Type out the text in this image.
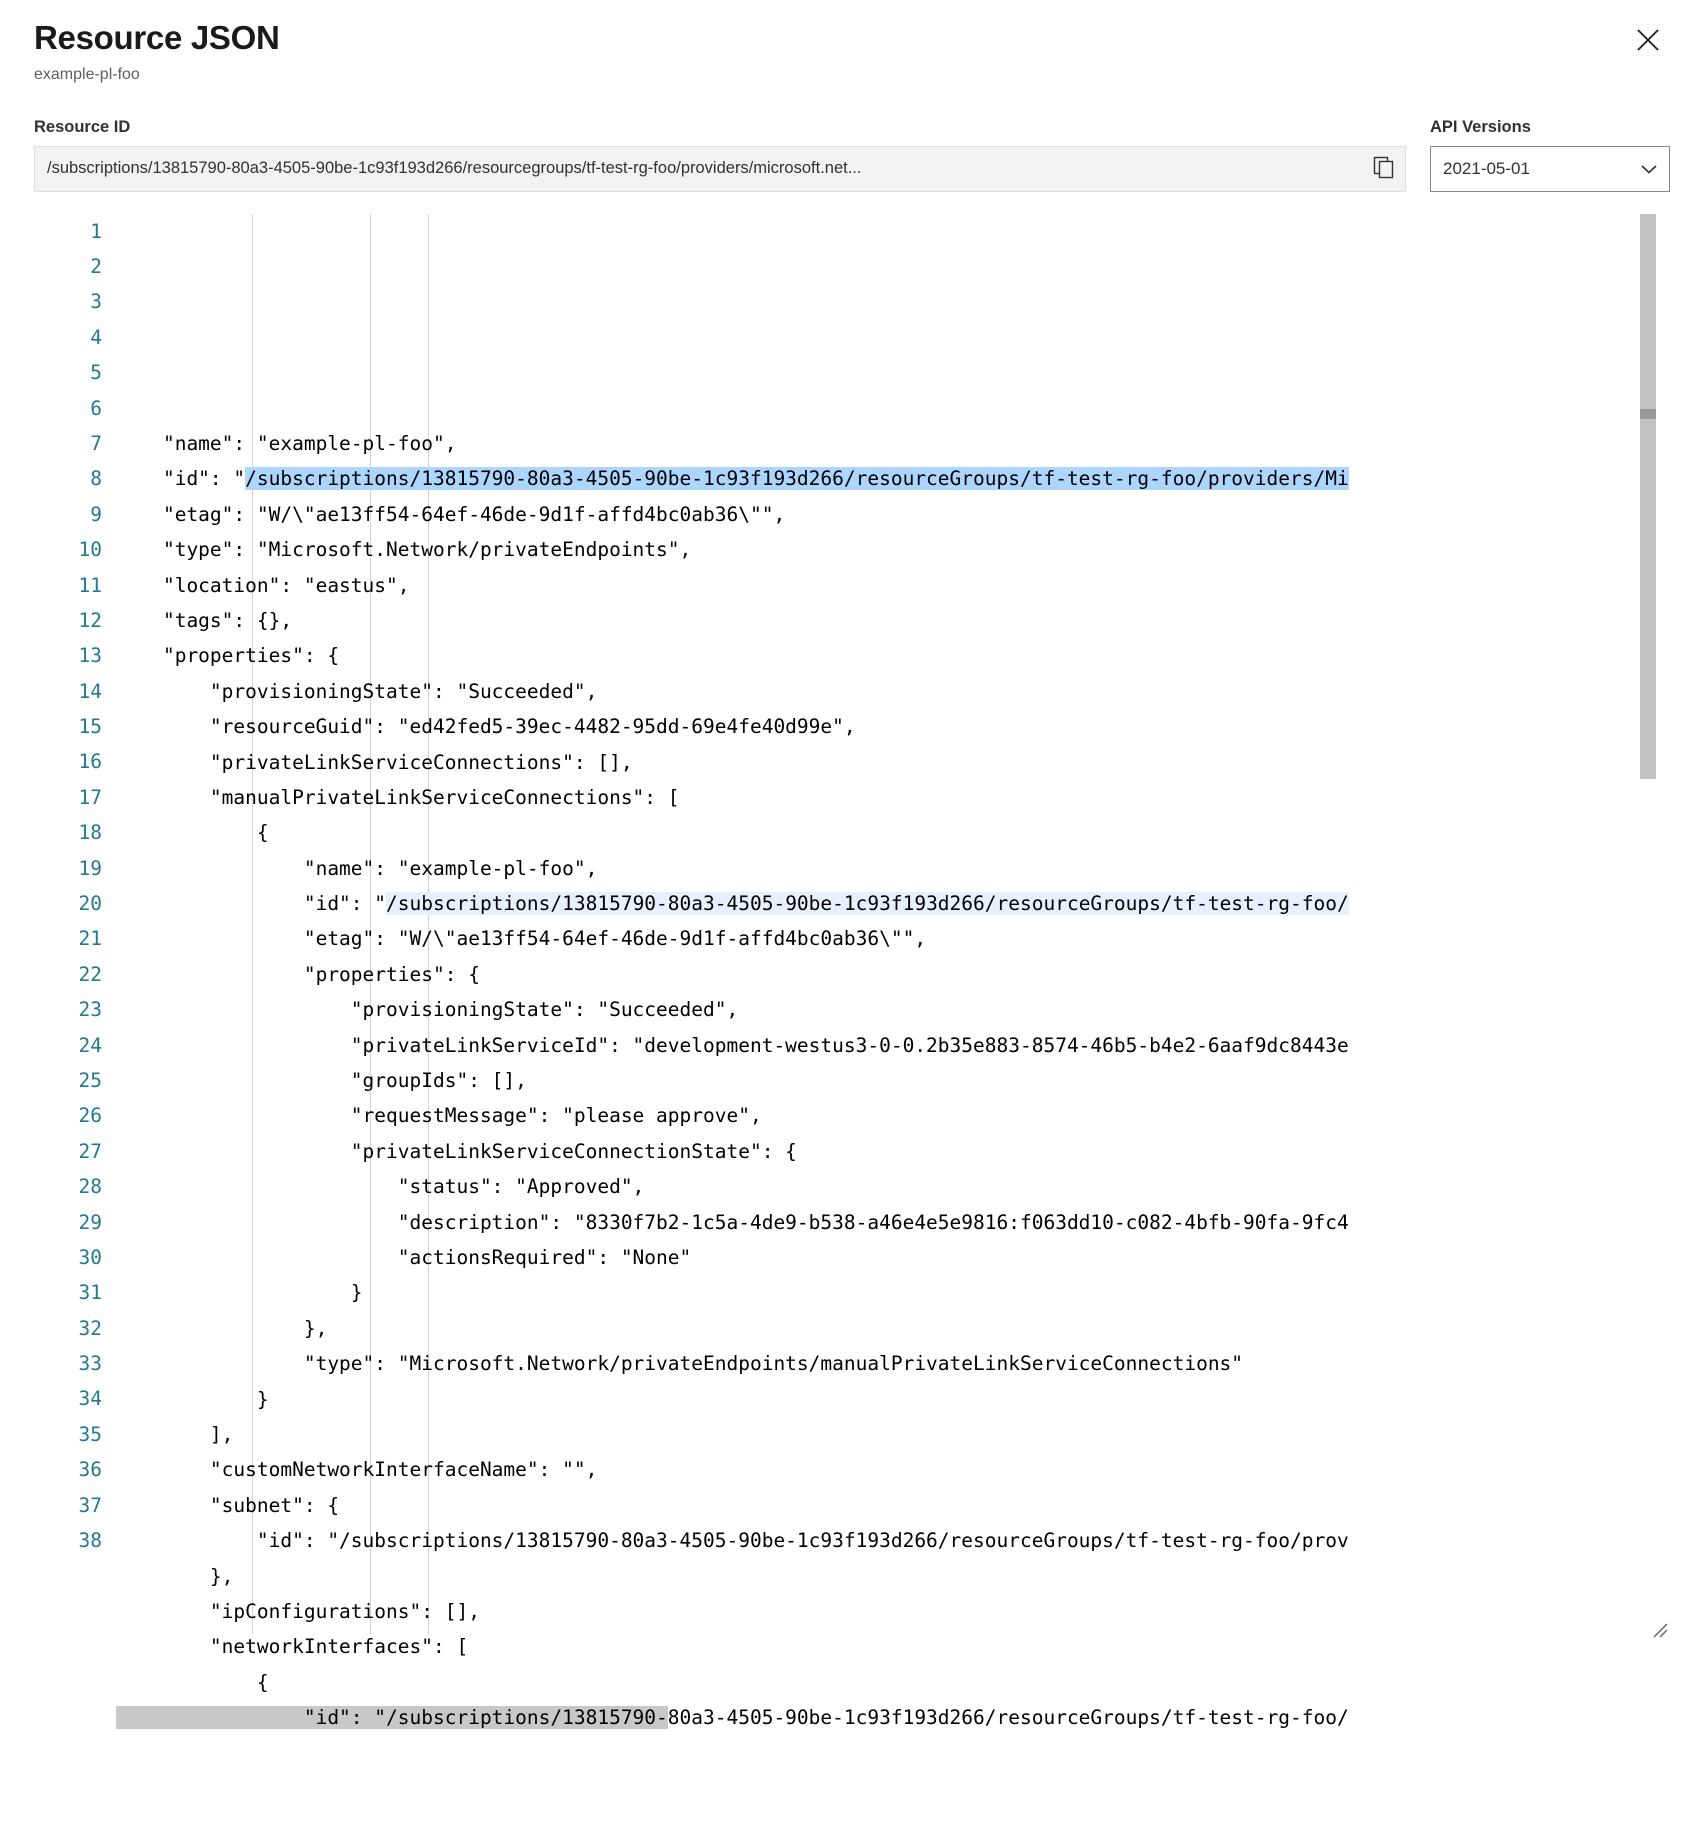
Resource JSON
example-pl-foo
Resource ID
/subscriptions/13815790-80a3-4505-90be-1c93f193d266/resourcegroups/tf-test-rg-foo/providers/microsoft.net...	API Versions
2021-05-01
1
2
3
4
5
6
7
8
9
10
11
12
13
14
15
16
17
18
19
20
21
22
23
24
25
26
27
28
29
30
31
32
33
34
35
36
37
38

"name": "example-pl-foo",
"id": "/subscriptions/13815790-80a3-4505-90be-1c93f193d266/resourceGroups/tf-test-rg-foo/providers/Mi
"etag": "W/\"ae13ff54-64ef-46de-9d1f-affd4bc0ab36\"",
"type": "Microsoft.Network/privateEndpoints",
"location": "eastus",
"tags": {},
"properties": {
"provisioningState": "Succeeded",
"resourceGuid": "ed42fed5-39ec-4482-95dd-69e4fe40d99e",
"privateLinkServiceConnections": [],
"manualPrivateLinkServiceConnections": [
{
"name": "example-pl-foo",
"id": "/subscriptions/13815790-80a3-4505-90be-1c93f193d266/resourceGroups/tf-test-rg-foo/
"etag": "W/\"ae13ff54-64ef-46de-9d1f-affd4bc0ab36\"",
"properties": {
"provisioningState": "Succeeded",
"privateLinkServiceId": "development-westus3-0-0.2b35e883-8574-46b5-b4e2-6aaf9dc8443e
"groupIds": [],
"requestMessage": "please approve",
"privateLinkServiceConnectionState": {
"status": "Approved",
"description": "8330f7b2-1c5a-4de9-b538-a46e4e5e9816:f063dd10-c082-4bfb-90fa-9fc4
"actionsRequired": "None"
}
},
"type": "Microsoft.Network/privateEndpoints/manualPrivateLinkServiceConnections"
}
],
"customNetworkInterfaceName": "",
"subnet": {
"id": "/subscriptions/13815790-80a3-4505-90be-1c93f193d266/resourceGroups/tf-test-rg-foo/prov
},
"ipConfigurations": [],
"networkInterfaces": [
{
"id": "/subscriptions/13815790-80a3-4505-90be-1c93f193d266/resourceGroups/tf-test-rg-foo/
